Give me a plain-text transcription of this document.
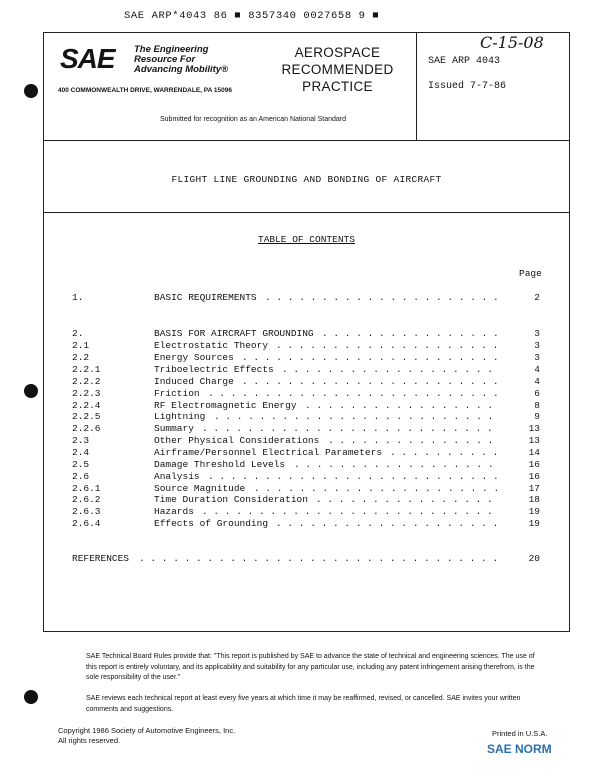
SAE ARP*4043 86 ■ 8357340 0027658 9 ■
SAE The Engineering
Resource For
Advancing Mobility®
400 COMMONWEALTH DRIVE, WARRENDALE, PA 15096
AEROSPACE
RECOMMENDED
PRACTICE
Submitted for recognition as an American National Standard
C-15-08
SAE ARP 4043
Issued 7-7-86
FLIGHT LINE GROUNDING AND BONDING OF AIRCRAFT
TABLE OF CONTENTS
Page
1.	BASIC REQUIREMENTS . . . . . . . . . . . . . . . . . . . . .	2
2.	BASIS FOR AIRCRAFT GROUNDING . . . . . . . . . . . . . . . .	3
2.1	Electrostatic Theory . . . . . . . . . . . . . . . . . . . .	3
2.2	Energy Sources . . . . . . . . . . . . . . . . . . . . . . .	3
2.2.1	Triboelectric Effects . . . . . . . . . . . . . . . . . . .	4
2.2.2	Induced Charge . . . . . . . . . . . . . . . . . . . . . . .	4
2.2.3	Friction . . . . . . . . . . . . . . . . . . . . . . . . . .	6
2.2.4	RF Electromagnetic Energy . . . . . . . . . . . . . . . . .	8
2.2.5	Lightning . . . . . . . . . . . . . . . . . . . . . . . . .	9
2.2.6	Summary . . . . . . . . . . . . . . . . . . . . . . . . . .	13
2.3	Other Physical Considerations . . . . . . . . . . . . . . .	13
2.4	Airframe/Personnel Electrical Parameters . . . . . . . . . .	14
2.5	Damage Threshold Levels . . . . . . . . . . . . . . . . . .	16
2.6	Analysis . . . . . . . . . . . . . . . . . . . . . . . . . .	16
2.6.1	Source Magnitude . . . . . . . . . . . . . . . . . . . . . .	17
2.6.2	Time Duration Consideration . . . . . . . . . . . . . . . .	18
2.6.3	Hazards . . . . . . . . . . . . . . . . . . . . . . . . . .	19
2.6.4	Effects of Grounding . . . . . . . . . . . . . . . . . . . .	19
REFERENCES . . . . . . . . . . . . . . . . . . . . . . . . . . . . . . . .	20
SAE Technical Board Rules provide that: "This report is published by SAE to advance the state of technical and engineering sciences. The use of this report is entirely voluntary, and its applicability and suitability for any particular use, including any patent infringement arising therefrom, is the sole responsibility of the user."
SAE reviews each technical report at least every five years at which time it may be reaffirmed, revised, or cancelled. SAE invites your written comments and suggestions.
Copyright 1986 Society of Automotive Engineers, Inc.
All rights reserved.
Printed in U.S.A.
SAE NORM
